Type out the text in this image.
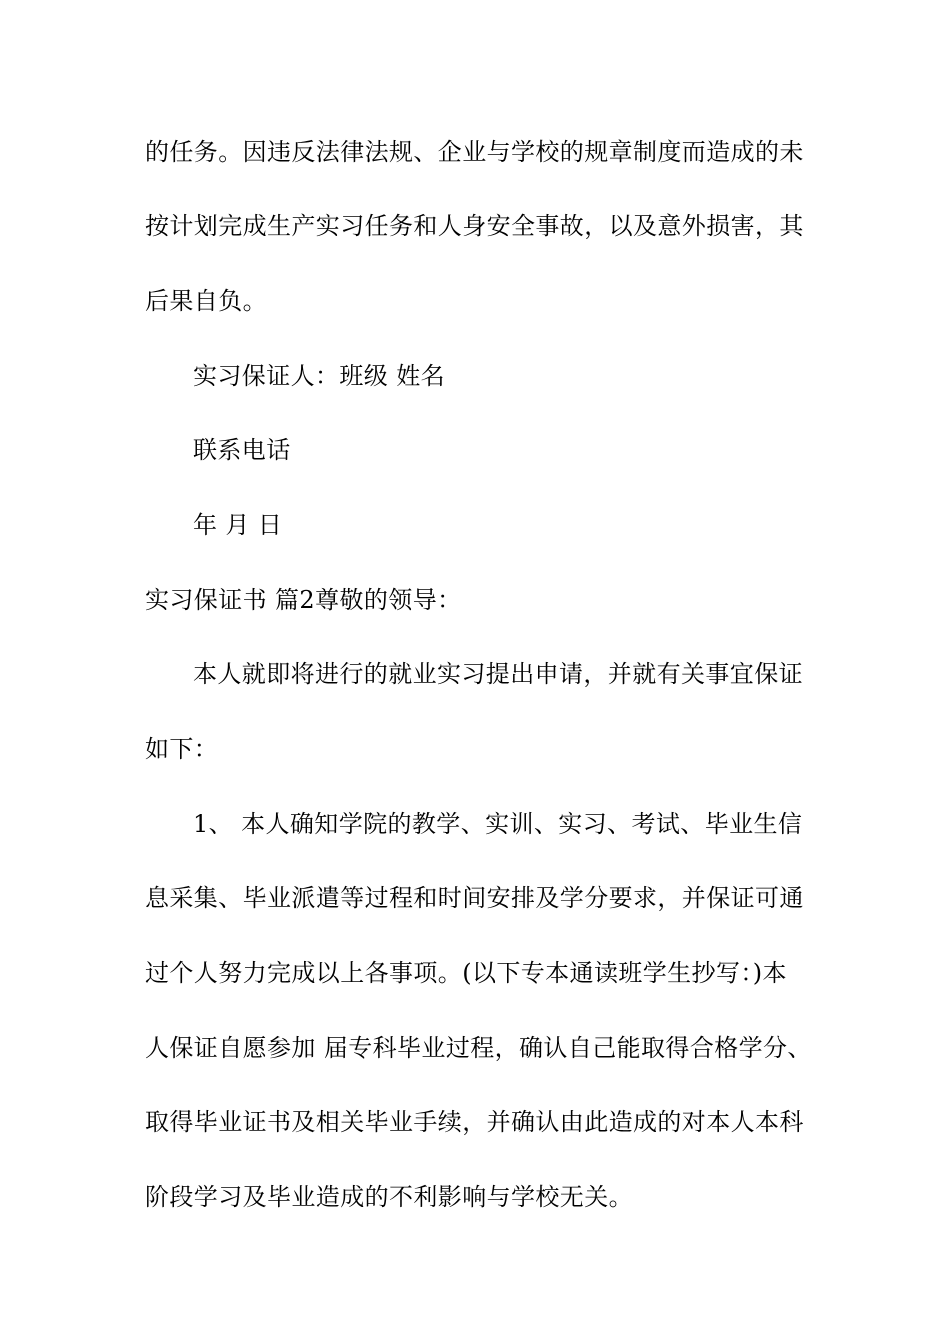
的任务。因违反法律法规、企业与学校的规章制度而造成的未
按计划完成生产实习任务和人身安全事故，以及意外损害，其
后果自负。
实习保证人：班级 姓名
联系电话
年 月 日
实习保证书 篇2尊敬的领导：
本人就即将进行的就业实习提出申请，并就有关事宜保证
如下：
1、 本人确知学院的教学、实训、实习、考试、毕业生信
息采集、毕业派遣等过程和时间安排及学分要求，并保证可通
过个人努力完成以上各事项。(以下专本通读班学生抄写：)本
人保证自愿参加 届专科毕业过程，确认自己能取得合格学分、
取得毕业证书及相关毕业手续，并确认由此造成的对本人本科
阶段学习及毕业造成的不利影响与学校无关。
